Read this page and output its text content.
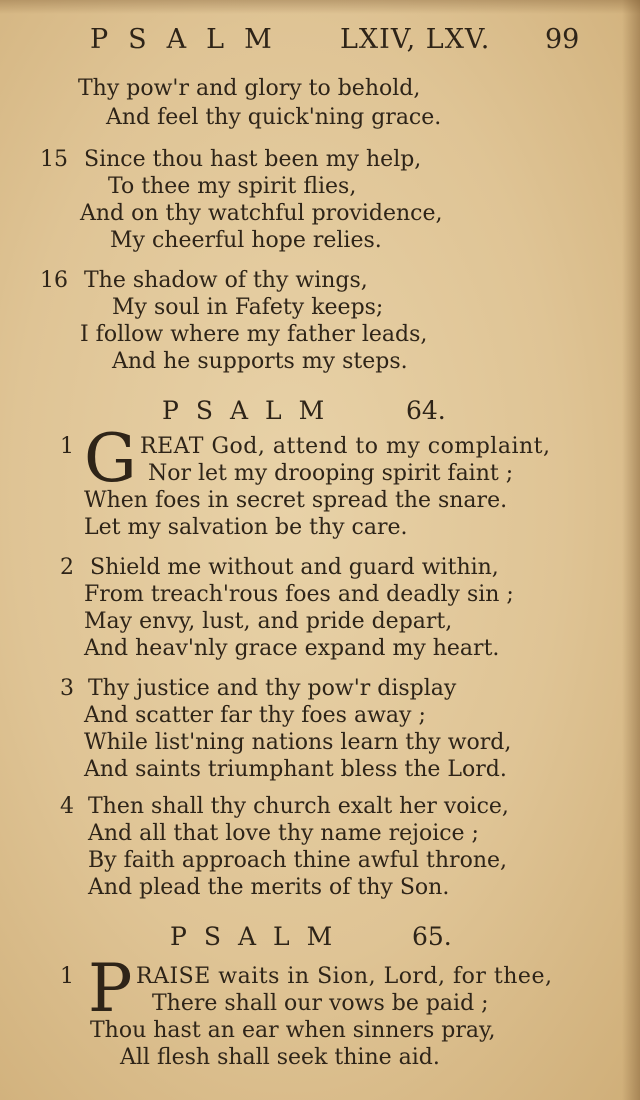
PSALM LXIV, LXV. 99
Thy pow'r and glory to behold,
And feel thy quick'ning grace.
15 Since thou hast been my help,
To thee my spirit flies,
And on thy watchful providence,
My cheerful hope relies.
16 The shadow of thy wings,
My soul in Fafety keeps;
I follow where my father leads,
And he supports my steps.
PSALM	64.
1 G REAT God, attend to my complaint,
Nor let my drooping spirit faint ;
When foes in secret spread the snare.
Let my salvation be thy care.
2 Shield me without and guard within,
From treach'rous foes and deadly sin ;
May envy, lust, and pride depart,
And heav'nly grace expand my heart.
3 Thy justice and thy pow'r display
And scatter far thy foes away ;
While list'ning nations learn thy word,
And saints triumphant bless the Lord.
4 Then shall thy church exalt her voice,
And all that love thy name rejoice ;
By faith approach thine awful throne,
And plead the merits of thy Son.
PSALM	65.
1 P RAISE waits in Sion, Lord, for thee,
There shall our vows be paid ;
Thou hast an ear when sinners pray,
All flesh shall seek thine aid.
